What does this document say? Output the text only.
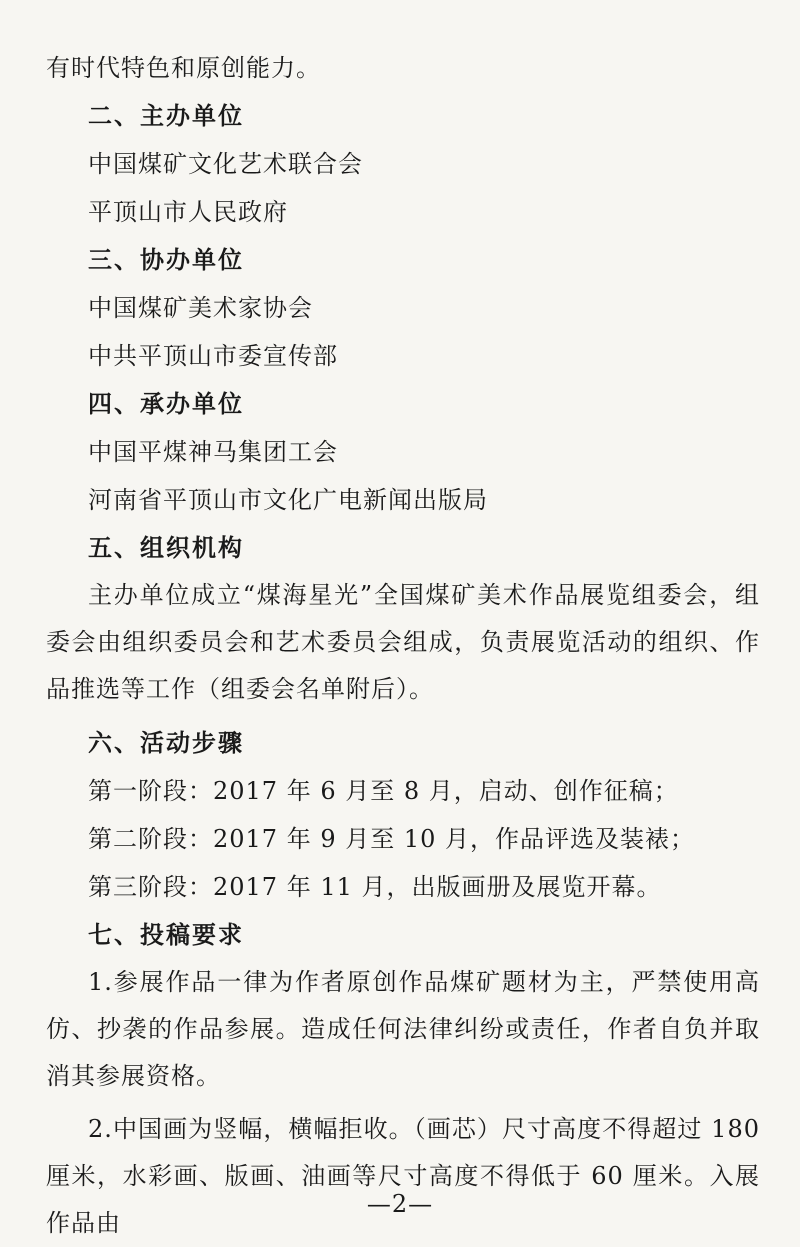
有时代特色和原创能力。
二、主办单位
中国煤矿文化艺术联合会
平顶山市人民政府
三、协办单位
中国煤矿美术家协会
中共平顶山市委宣传部
四、承办单位
中国平煤神马集团工会
河南省平顶山市文化广电新闻出版局
五、组织机构
主办单位成立“煤海星光”全国煤矿美术作品展览组委会，组委会由组织委员会和艺术委员会组成，负责展览活动的组织、作品推选等工作（组委会名单附后）。
六、活动步骤
第一阶段：2017 年 6 月至 8 月，启动、创作征稿；
第二阶段：2017 年 9 月至 10 月，作品评选及装裱；
第三阶段：2017 年 11 月，出版画册及展览开幕。
七、投稿要求
1.参展作品一律为作者原创作品煤矿题材为主，严禁使用高仿、抄袭的作品参展。造成任何法律纠纷或责任，作者自负并取消其参展资格。
2.中国画为竖幅，横幅拒收。（画芯）尺寸高度不得超过 180 厘米，水彩画、版画、油画等尺寸高度不得低于 60 厘米。入展作品由
—2—
